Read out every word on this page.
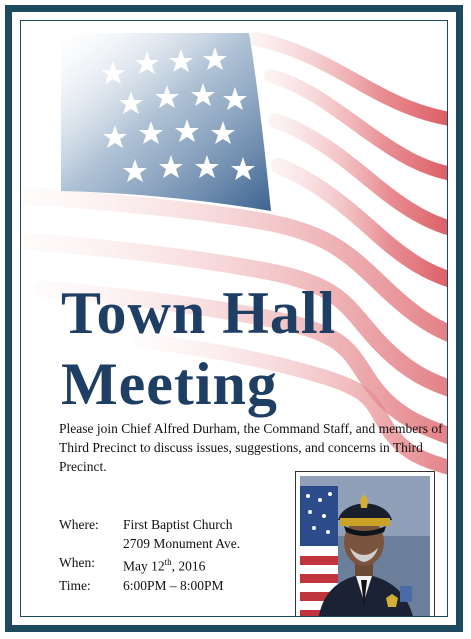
Town Hall
Meeting

Please join Chief Alfred Durham, the Command Staff, and members of Third Precinct to discuss issues, suggestions, and concerns in Third Precinct.

Where:	First Baptist Church
2709 Monument Ave.
When:	May 12th, 2016
Time:	6:00PM – 8:00PM
